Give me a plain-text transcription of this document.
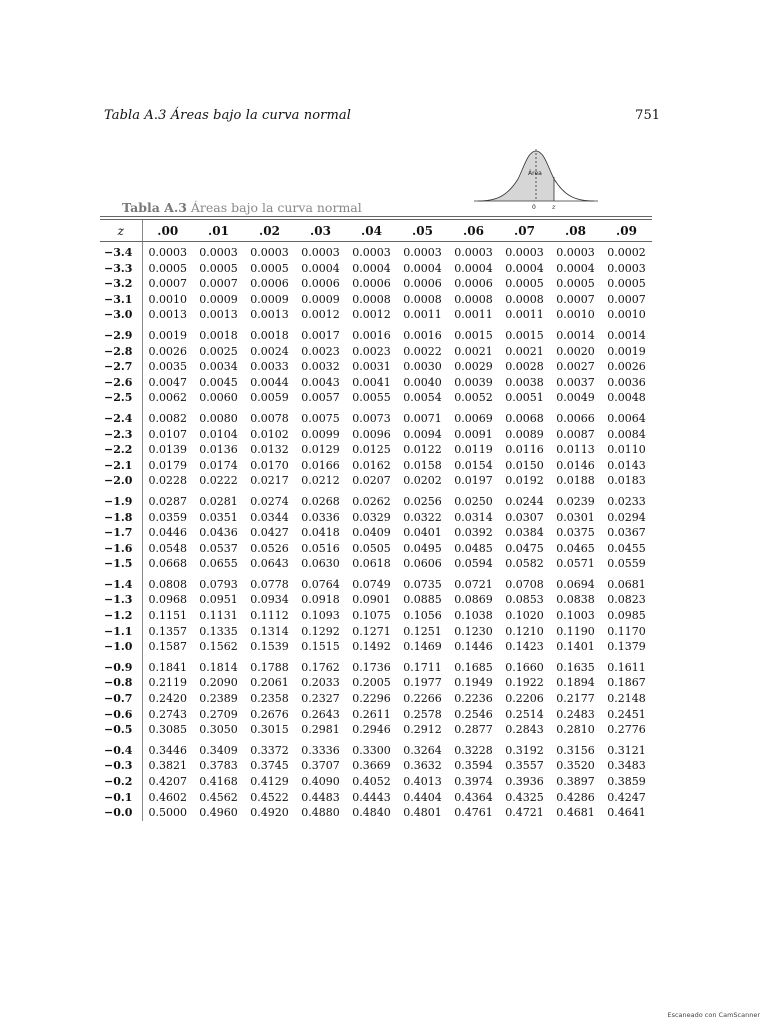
Tabla A.3 Áreas bajo la curva normal	751
Área
0 z
Tabla A.3 Áreas bajo la curva normal
z	.00	.01	.02	.03	.04	.05	.06	.07	.08	.09
−3.4	0.0003	0.0003	0.0003	0.0003	0.0003	0.0003	0.0003	0.0003	0.0003	0.0002
−3.3	0.0005	0.0005	0.0005	0.0004	0.0004	0.0004	0.0004	0.0004	0.0004	0.0003
−3.2	0.0007	0.0007	0.0006	0.0006	0.0006	0.0006	0.0006	0.0005	0.0005	0.0005
−3.1	0.0010	0.0009	0.0009	0.0009	0.0008	0.0008	0.0008	0.0008	0.0007	0.0007
−3.0	0.0013	0.0013	0.0013	0.0012	0.0012	0.0011	0.0011	0.0011	0.0010	0.0010
−2.9	0.0019	0.0018	0.0018	0.0017	0.0016	0.0016	0.0015	0.0015	0.0014	0.0014
−2.8	0.0026	0.0025	0.0024	0.0023	0.0023	0.0022	0.0021	0.0021	0.0020	0.0019
−2.7	0.0035	0.0034	0.0033	0.0032	0.0031	0.0030	0.0029	0.0028	0.0027	0.0026
−2.6	0.0047	0.0045	0.0044	0.0043	0.0041	0.0040	0.0039	0.0038	0.0037	0.0036
−2.5	0.0062	0.0060	0.0059	0.0057	0.0055	0.0054	0.0052	0.0051	0.0049	0.0048
−2.4	0.0082	0.0080	0.0078	0.0075	0.0073	0.0071	0.0069	0.0068	0.0066	0.0064
−2.3	0.0107	0.0104	0.0102	0.0099	0.0096	0.0094	0.0091	0.0089	0.0087	0.0084
−2.2	0.0139	0.0136	0.0132	0.0129	0.0125	0.0122	0.0119	0.0116	0.0113	0.0110
−2.1	0.0179	0.0174	0.0170	0.0166	0.0162	0.0158	0.0154	0.0150	0.0146	0.0143
−2.0	0.0228	0.0222	0.0217	0.0212	0.0207	0.0202	0.0197	0.0192	0.0188	0.0183
−1.9	0.0287	0.0281	0.0274	0.0268	0.0262	0.0256	0.0250	0.0244	0.0239	0.0233
−1.8	0.0359	0.0351	0.0344	0.0336	0.0329	0.0322	0.0314	0.0307	0.0301	0.0294
−1.7	0.0446	0.0436	0.0427	0.0418	0.0409	0.0401	0.0392	0.0384	0.0375	0.0367
−1.6	0.0548	0.0537	0.0526	0.0516	0.0505	0.0495	0.0485	0.0475	0.0465	0.0455
−1.5	0.0668	0.0655	0.0643	0.0630	0.0618	0.0606	0.0594	0.0582	0.0571	0.0559
−1.4	0.0808	0.0793	0.0778	0.0764	0.0749	0.0735	0.0721	0.0708	0.0694	0.0681
−1.3	0.0968	0.0951	0.0934	0.0918	0.0901	0.0885	0.0869	0.0853	0.0838	0.0823
−1.2	0.1151	0.1131	0.1112	0.1093	0.1075	0.1056	0.1038	0.1020	0.1003	0.0985
−1.1	0.1357	0.1335	0.1314	0.1292	0.1271	0.1251	0.1230	0.1210	0.1190	0.1170
−1.0	0.1587	0.1562	0.1539	0.1515	0.1492	0.1469	0.1446	0.1423	0.1401	0.1379
−0.9	0.1841	0.1814	0.1788	0.1762	0.1736	0.1711	0.1685	0.1660	0.1635	0.1611
−0.8	0.2119	0.2090	0.2061	0.2033	0.2005	0.1977	0.1949	0.1922	0.1894	0.1867
−0.7	0.2420	0.2389	0.2358	0.2327	0.2296	0.2266	0.2236	0.2206	0.2177	0.2148
−0.6	0.2743	0.2709	0.2676	0.2643	0.2611	0.2578	0.2546	0.2514	0.2483	0.2451
−0.5	0.3085	0.3050	0.3015	0.2981	0.2946	0.2912	0.2877	0.2843	0.2810	0.2776
−0.4	0.3446	0.3409	0.3372	0.3336	0.3300	0.3264	0.3228	0.3192	0.3156	0.3121
−0.3	0.3821	0.3783	0.3745	0.3707	0.3669	0.3632	0.3594	0.3557	0.3520	0.3483
−0.2	0.4207	0.4168	0.4129	0.4090	0.4052	0.4013	0.3974	0.3936	0.3897	0.3859
−0.1	0.4602	0.4562	0.4522	0.4483	0.4443	0.4404	0.4364	0.4325	0.4286	0.4247
−0.0	0.5000	0.4960	0.4920	0.4880	0.4840	0.4801	0.4761	0.4721	0.4681	0.4641
Escaneado con CamScanner
